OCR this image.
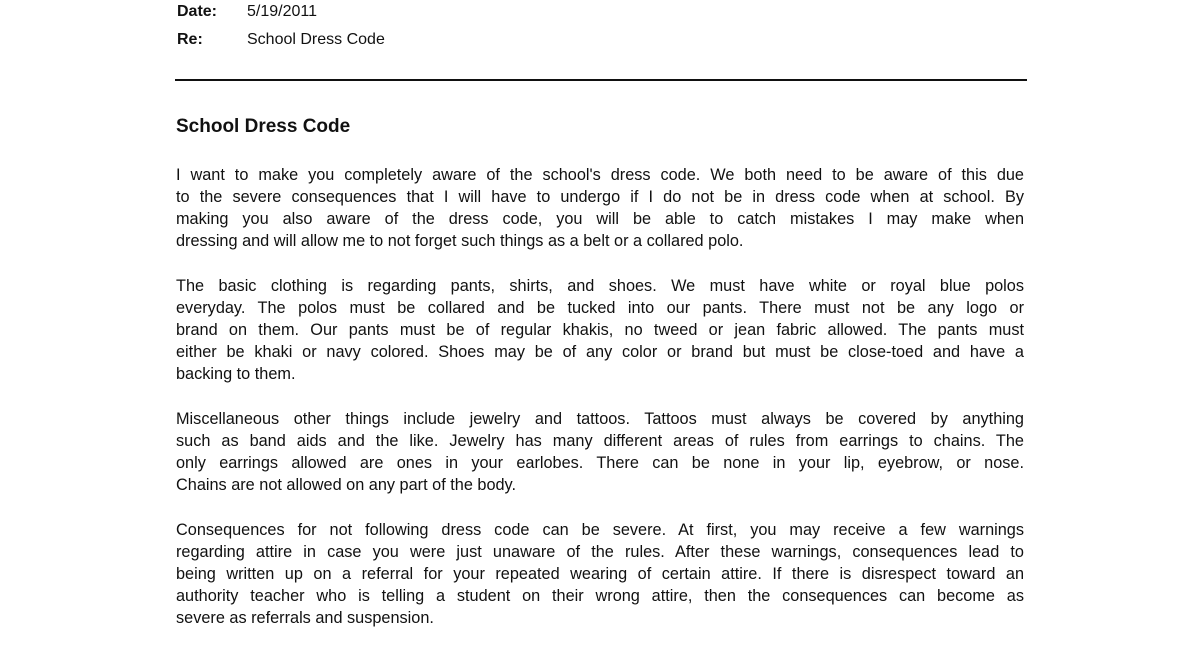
Date: 5/19/2011
Re:	School Dress Code
School Dress Code
I want to make you completely aware of the school's dress code. We both need to be aware of this due
to the severe consequences that I will have to undergo if I do not be in dress code when at school. By
making you also aware of the dress code, you will be able to catch mistakes I may make when
dressing and will allow me to not forget such things as a belt or a collared polo.
The basic clothing is regarding pants, shirts, and shoes. We must have white or royal blue polos
everyday. The polos must be collared and be tucked into our pants. There must not be any logo or
brand on them. Our pants must be of regular khakis, no tweed or jean fabric allowed. The pants must
either be khaki or navy colored. Shoes may be of any color or brand but must be close-toed and have a
backing to them.
Miscellaneous other things include jewelry and tattoos. Tattoos must always be covered by anything
such as band aids and the like. Jewelry has many different areas of rules from earrings to chains. The
only earrings allowed are ones in your earlobes. There can be none in your lip, eyebrow, or nose.
Chains are not allowed on any part of the body.
Consequences for not following dress code can be severe. At first, you may receive a few warnings
regarding attire in case you were just unaware of the rules. After these warnings, consequences lead to
being written up on a referral for your repeated wearing of certain attire. If there is disrespect toward an
authority teacher who is telling a student on their wrong attire, then the consequences can become as
severe as referrals and suspension.
